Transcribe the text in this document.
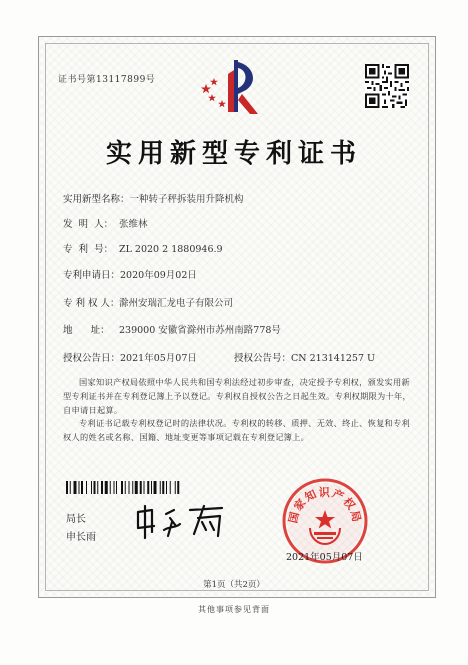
证书号第13117899号
实用新型专利证书
实用新型名称：一种转子秤拆装用升降机构
发  明  人： 张维林
专  利  号： ZL 2020 2 1880946.9
专利申请日：2020年09月02日
专 利 权 人：滁州安瑞汇龙电子有限公司
地      址： 239000 安徽省滁州市苏州南路778号
授权公告日：2021年05月07日	授权公告号：CN 213141257 U
国家知识产权局依照中华人民共和国专利法经过初步审查，决定授予专利权，颁发实用新型专利证书并在专利登记簿上予以登记。专利权自授权公告之日起生效。专利权期限为十年，自申请日起算。
专利证书记载专利权登记时的法律状况。专利权的转移、质押、无效、终止、恢复和专利权人的姓名或名称、国籍、地址变更等事项记载在专利登记簿上。
局长
申长雨
国家知识产权局
2021年05月07日
第1页（共2页）
其他事项参见背面
